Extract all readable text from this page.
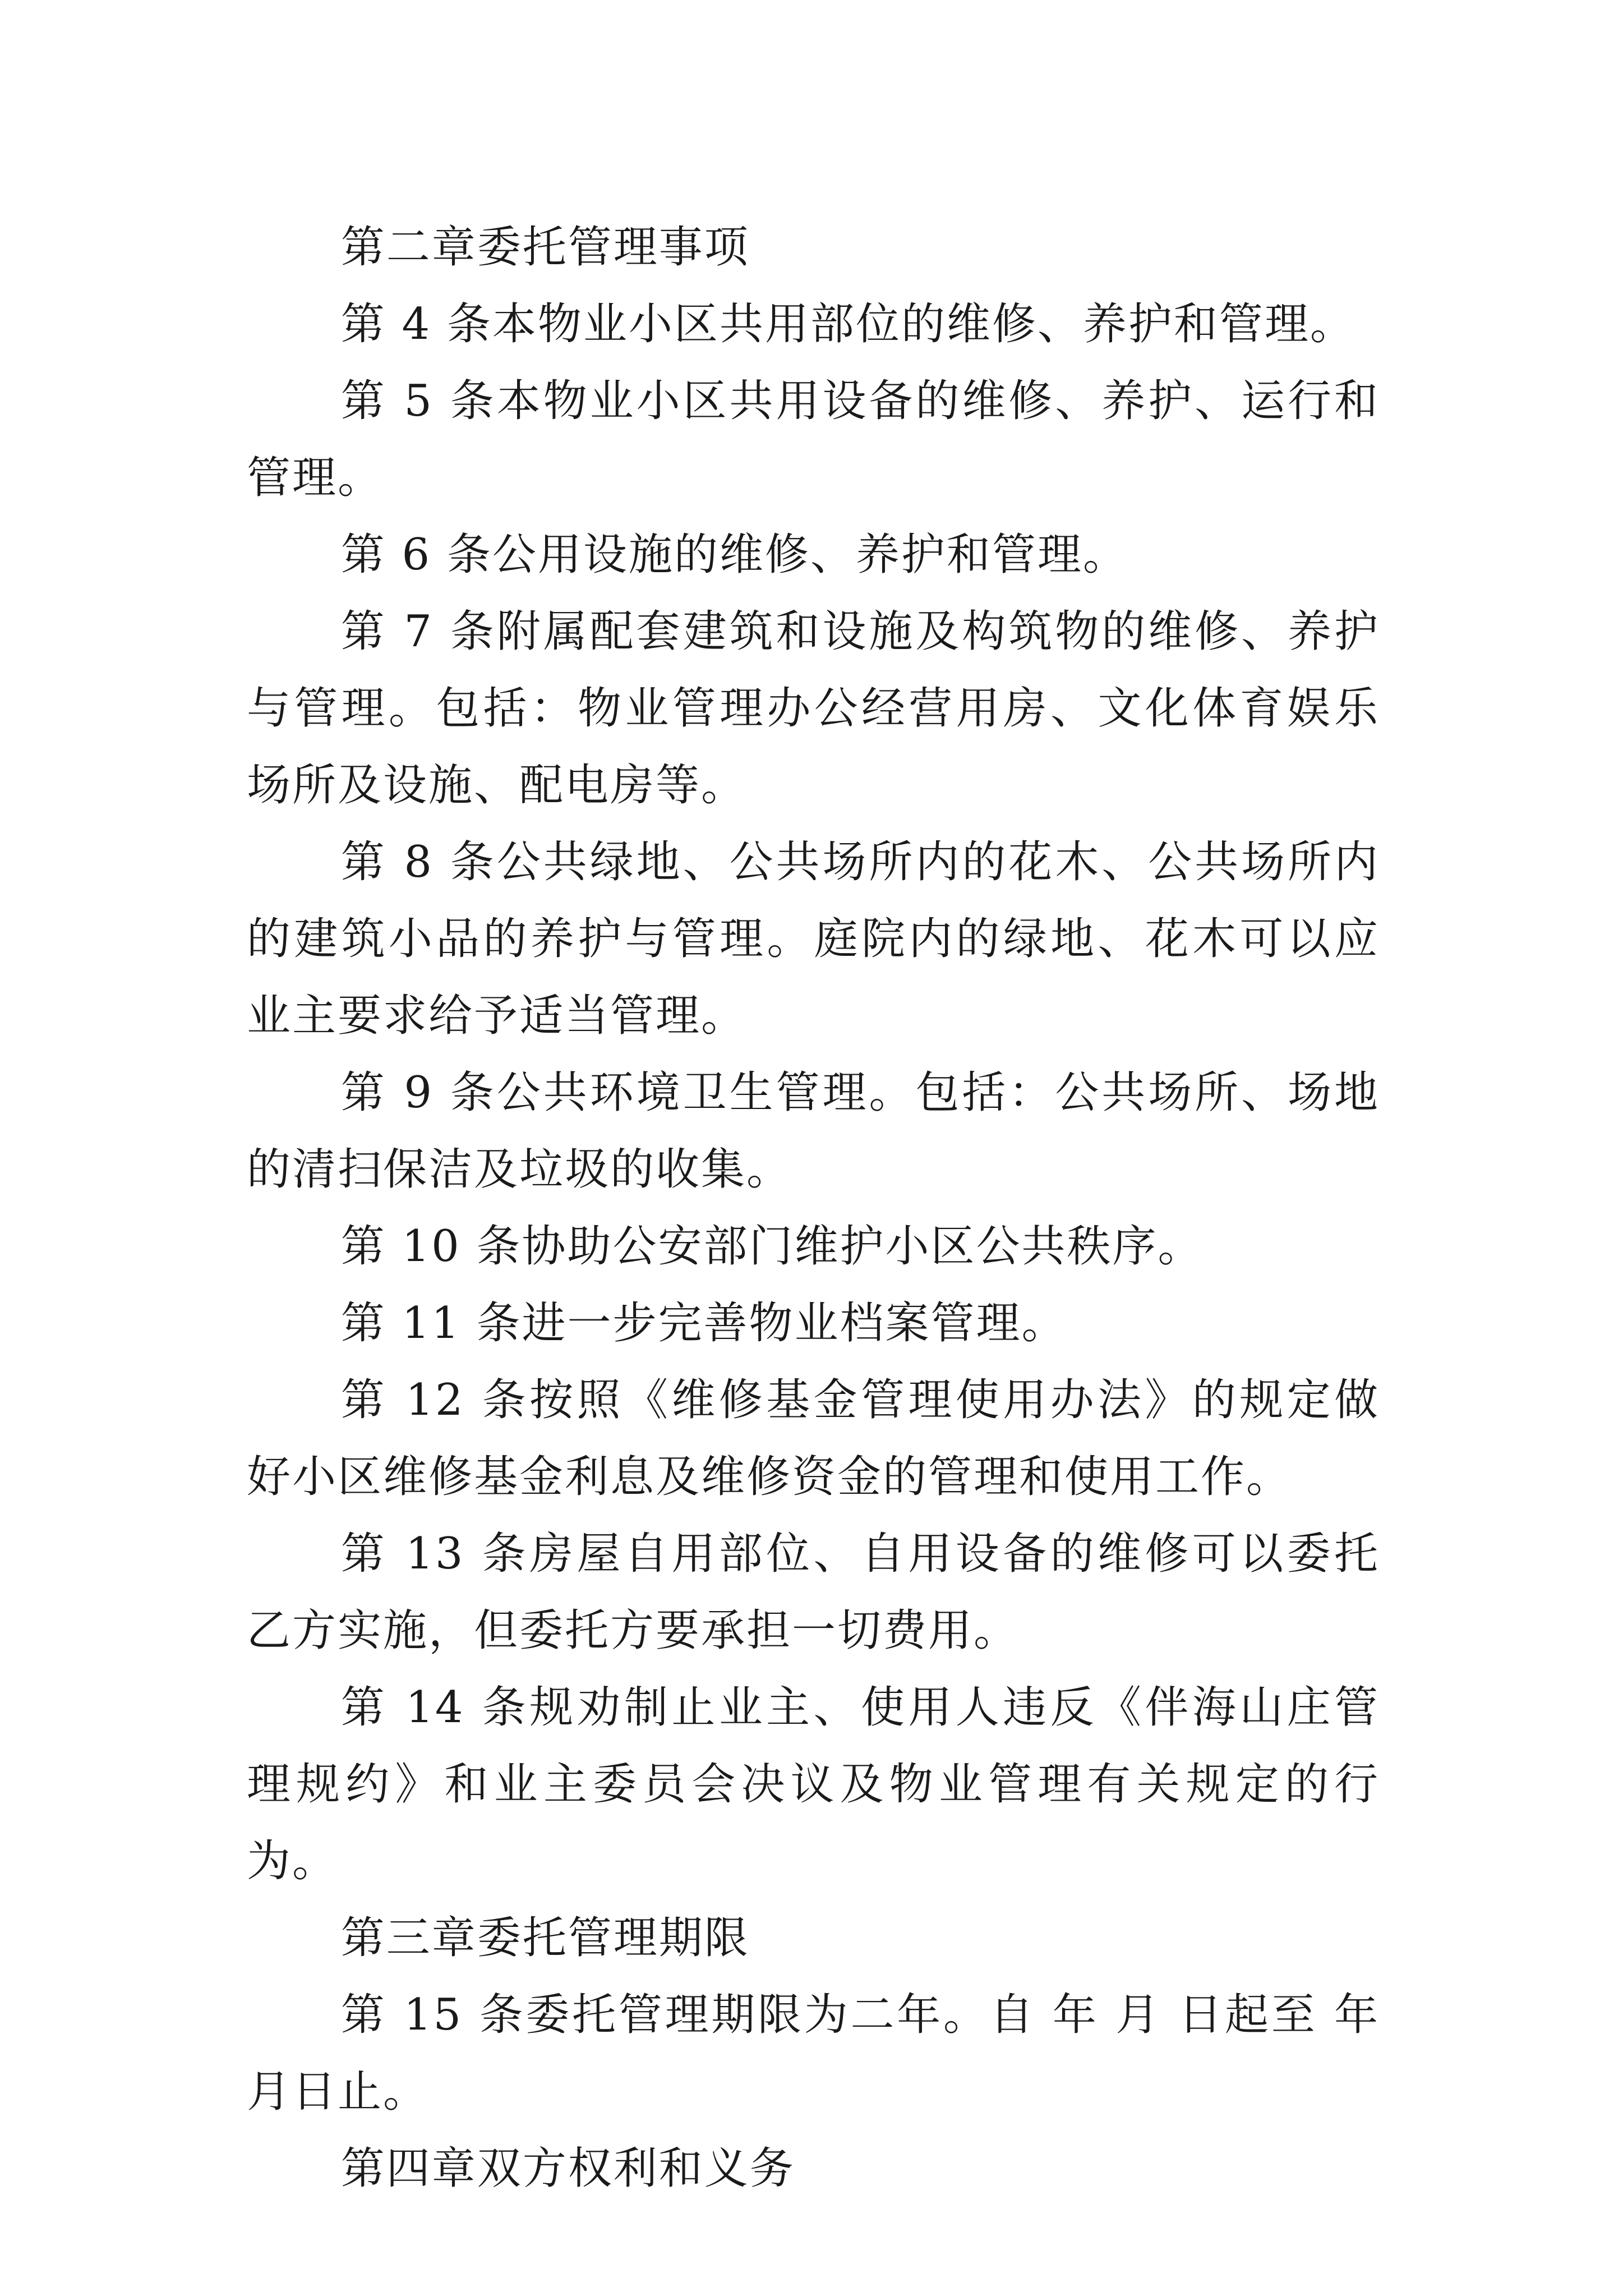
第二章委托管理事项

第 4 条本物业小区共用部位的维修、养护和管理。

第 5 条本物业小区共用设备的维修、养护、运行和管理。

第 6 条公用设施的维修、养护和管理。

第 7 条附属配套建筑和设施及构筑物的维修、养护与管理。包括：物业管理办公经营用房、文化体育娱乐场所及设施、配电房等。

第 8 条公共绿地、公共场所内的花木、公共场所内的建筑小品的养护与管理。庭院内的绿地、花木可以应业主要求给予适当管理。

第 9 条公共环境卫生管理。包括：公共场所、场地的清扫保洁及垃圾的收集。

第 10 条协助公安部门维护小区公共秩序。

第 11 条进一步完善物业档案管理。

第 12 条按照《维修基金管理使用办法》的规定做好小区维修基金利息及维修资金的管理和使用工作。

第 13 条房屋自用部位、自用设备的维修可以委托乙方实施，但委托方要承担一切费用。

第 14 条规劝制止业主、使用人违反《伴海山庄管理规约》和业主委员会决议及物业管理有关规定的行为。

第三章委托管理期限

第 15 条委托管理期限为二年。自 年 月 日起至 年 月日止。

第四章双方权利和义务
